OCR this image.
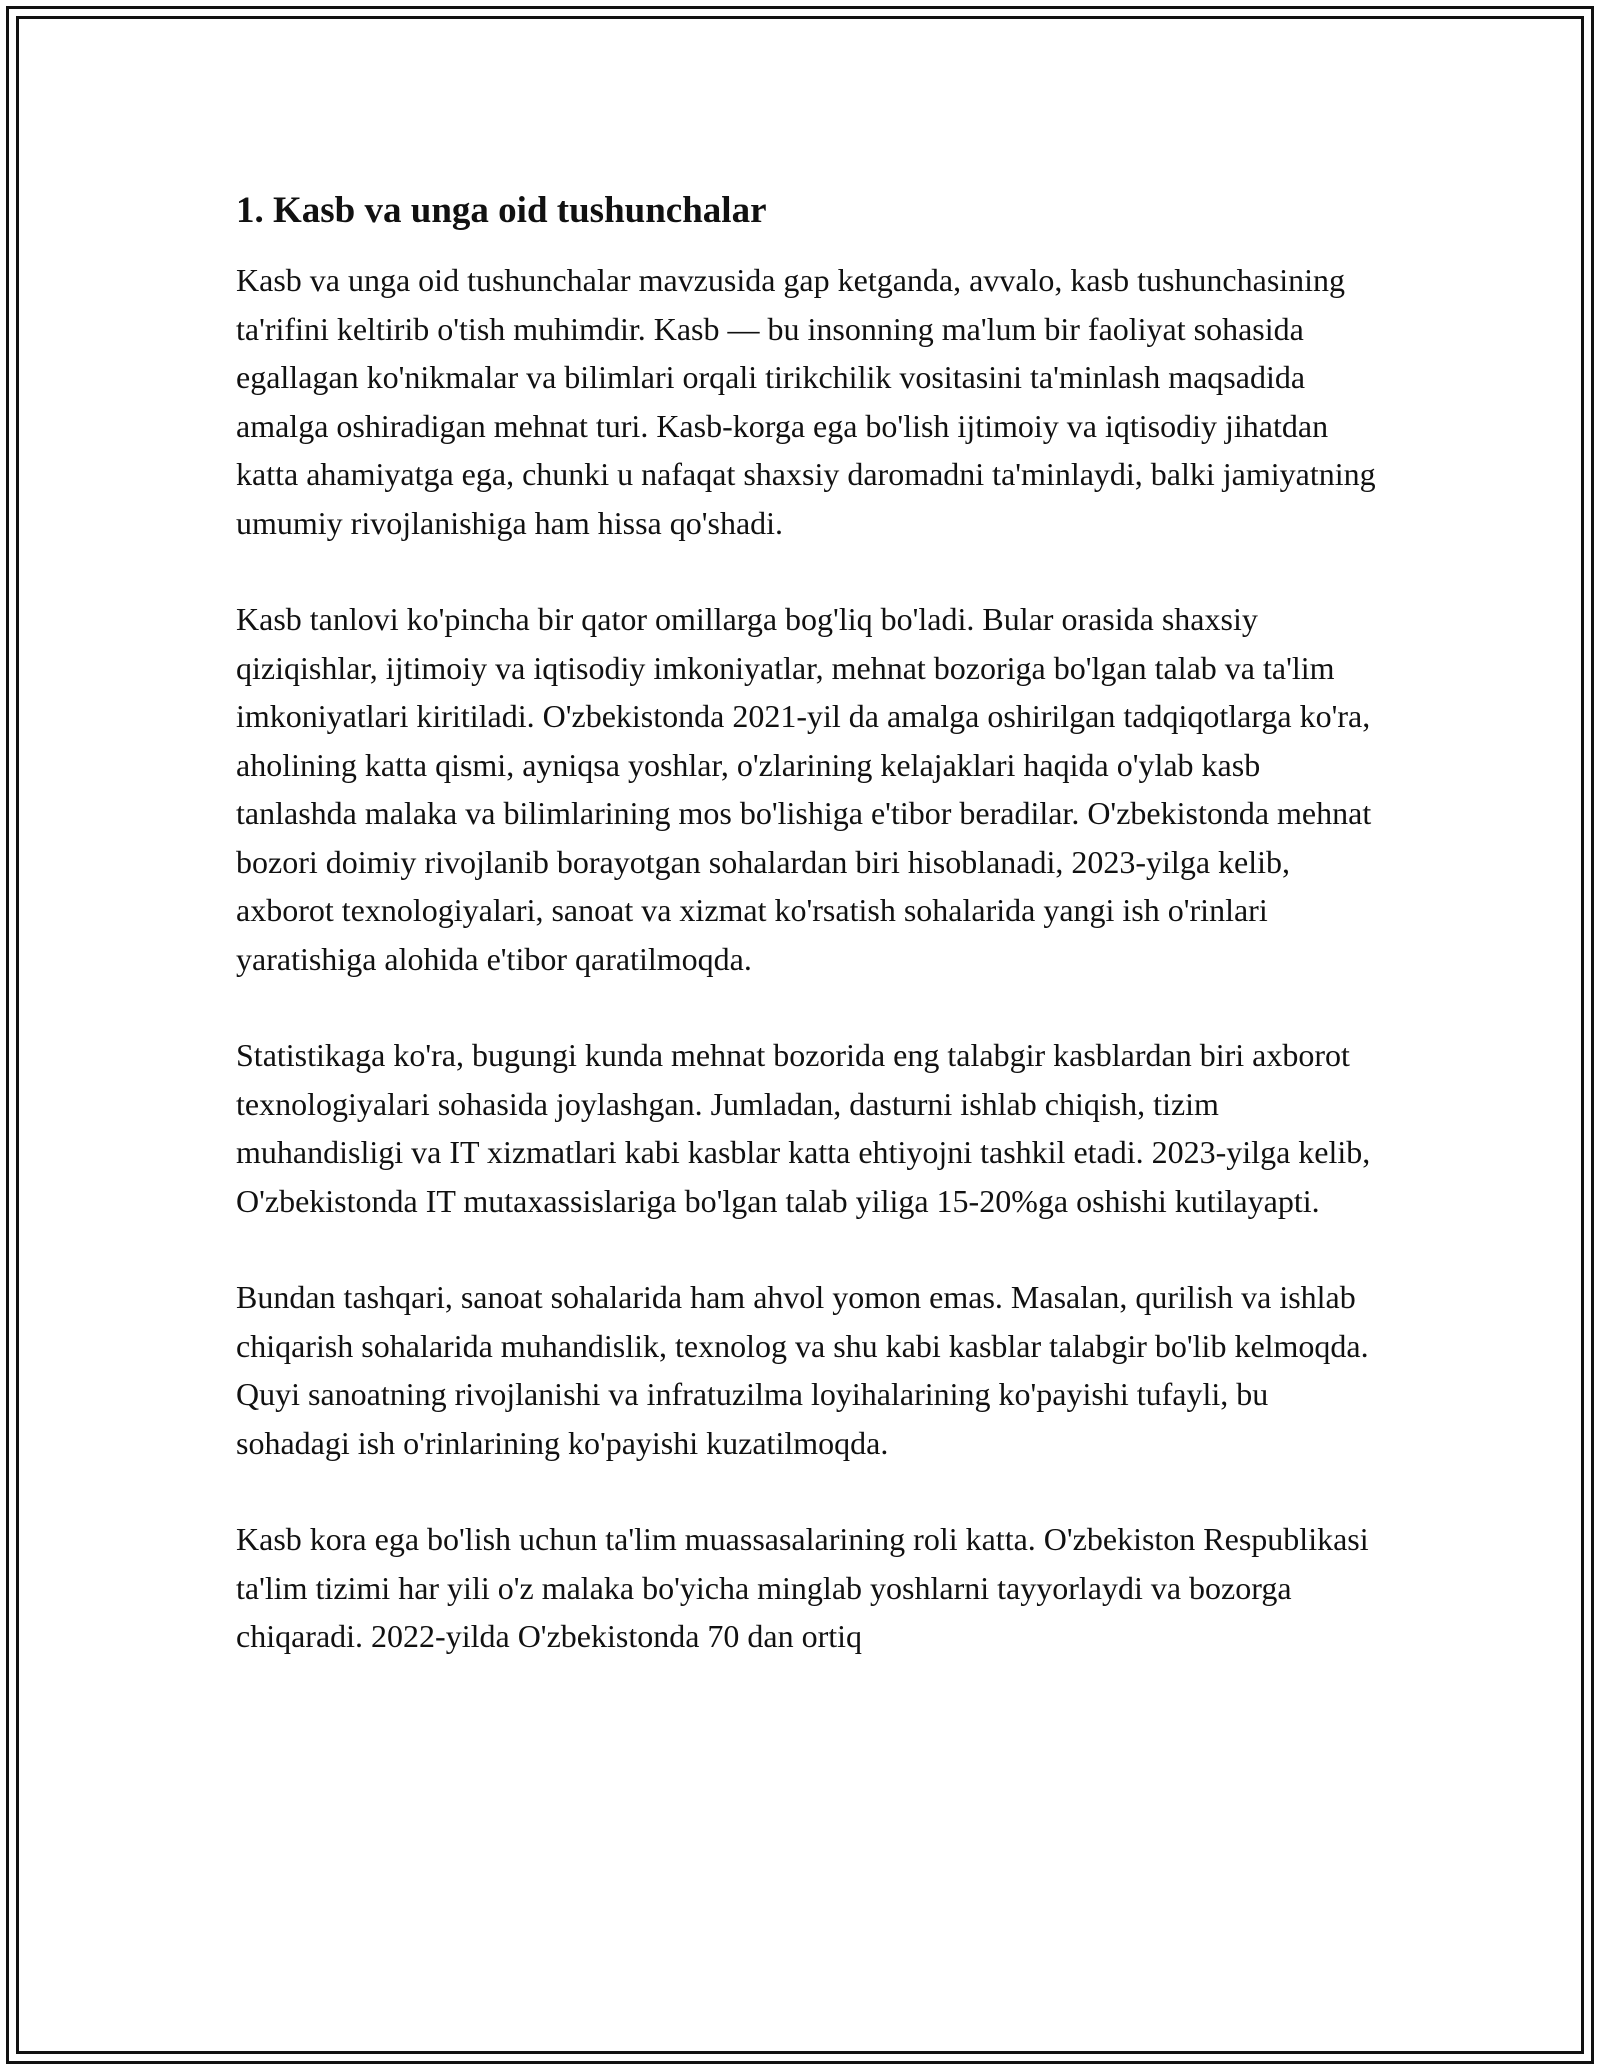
1. Kasb va unga oid tushunchalar

Kasb va unga oid tushunchalar mavzusida gap ketganda, avvalo, kasb tushunchasining ta'rifini keltirib o'tish muhimdir. Kasb — bu insonning ma'lum bir faoliyat sohasida egallagan ko'nikmalar va bilimlari orqali tirikchilik vositasini ta'minlash maqsadida amalga oshiradigan mehnat turi. Kasb-korga ega bo'lish ijtimoiy va iqtisodiy jihatdan katta ahamiyatga ega, chunki u nafaqat shaxsiy daromadni ta'minlaydi, balki jamiyatning umumiy rivojlanishiga ham hissa qo'shadi.

Kasb tanlovi ko'pincha bir qator omillarga bog'liq bo'ladi. Bular orasida shaxsiy qiziqishlar, ijtimoiy va iqtisodiy imkoniyatlar, mehnat bozoriga bo'lgan talab va ta'lim imkoniyatlari kiritiladi. O'zbekistonda 2021-yil da amalga oshirilgan tadqiqotlarga ko'ra, aholining katta qismi, ayniqsa yoshlar, o'zlarining kelajaklari haqida o'ylab kasb tanlashda malaka va bilimlarining mos bo'lishiga e'tibor beradilar. O'zbekistonda mehnat bozori doimiy rivojlanib borayotgan sohalardan biri hisoblanadi, 2023-yilga kelib, axborot texnologiyalari, sanoat va xizmat ko'rsatish sohalarida yangi ish o'rinlari yaratishiga alohida e'tibor qaratilmoqda.

Statistikaga ko'ra, bugungi kunda mehnat bozorida eng talabgir kasblardan biri axborot texnologiyalari sohasida joylashgan. Jumladan, dasturni ishlab chiqish, tizim muhandisligi va IT xizmatlari kabi kasblar katta ehtiyojni tashkil etadi. 2023-yilga kelib, O'zbekistonda IT mutaxassislariga bo'lgan talab yiliga 15-20%ga oshishi kutilayapti.

Bundan tashqari, sanoat sohalarida ham ahvol yomon emas. Masalan, qurilish va ishlab chiqarish sohalarida muhandislik, texnolog va shu kabi kasblar talabgir bo'lib kelmoqda. Quyi sanoatning rivojlanishi va infratuzilma loyihalarining ko'payishi tufayli, bu sohadagi ish o'rinlarining ko'payishi kuzatilmoqda.

Kasb kora ega bo'lish uchun ta'lim muassasalarining roli katta. O'zbekiston Respublikasi ta'lim tizimi har yili o'z malaka bo'yicha minglab yoshlarni tayyorlaydi va bozorga chiqaradi. 2022-yilda O'zbekistonda 70 dan ortiq
